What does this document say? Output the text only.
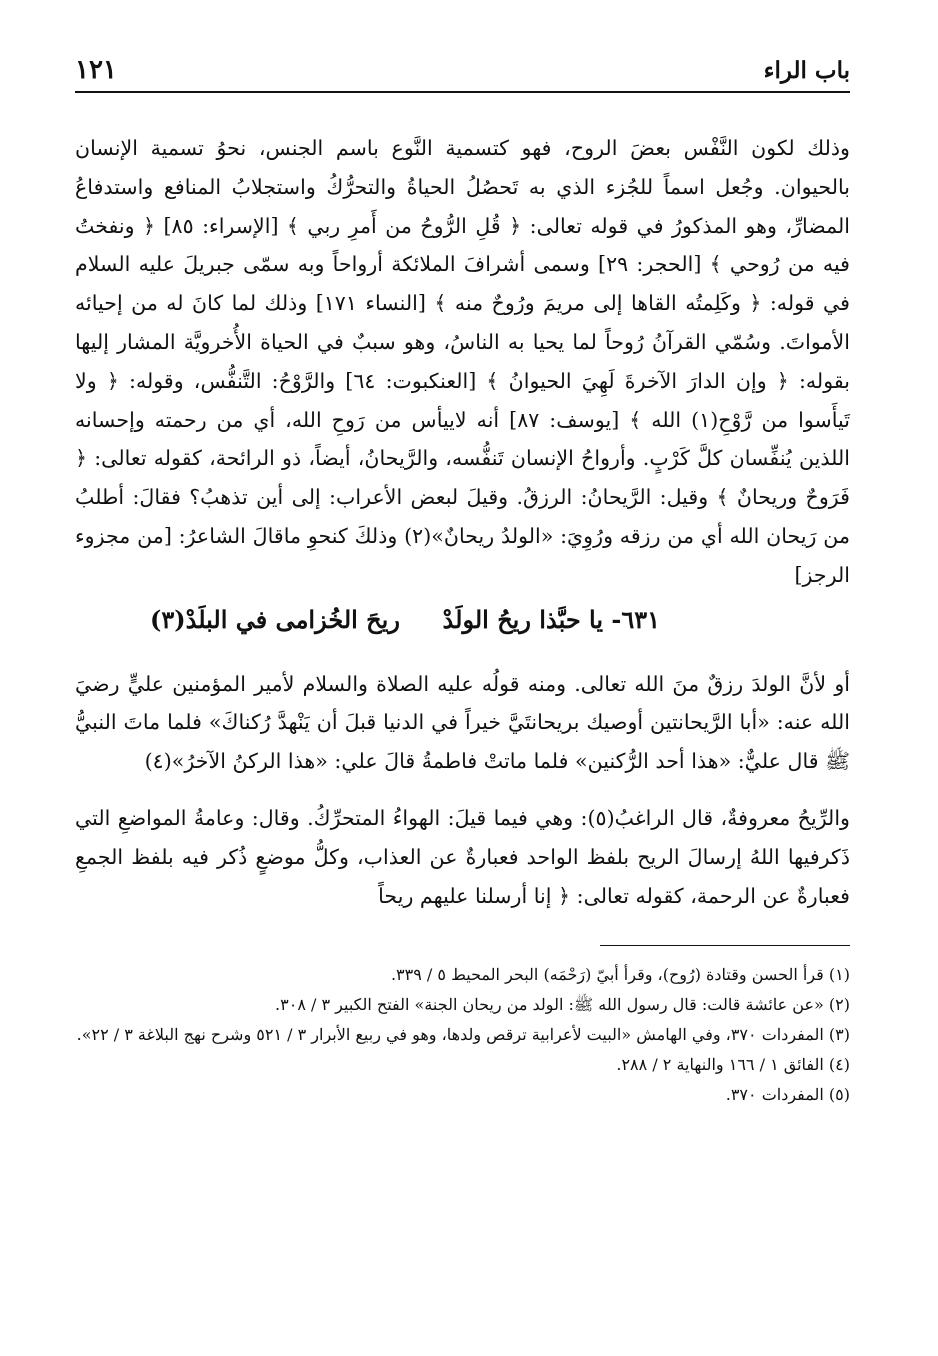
باب الراء
١٢١

وذلك لكون النَّفْس بعضَ الروح، فهو كتسمية النَّوع باسم الجنس، نحوُ تسمية الإنسان بالحيوان. وجُعل اسماً للجُزء الذي به تَحصُلُ الحياةُ والتحرُّكُ واستجلابُ المنافع واستدفاعُ المضارِّ، وهو المذكورُ في قوله تعالى: ﴿ قُلِ الرُّوحُ من أَمرِ ربي ﴾ [الإسراء: ٨٥] ﴿ ونفختُ فيه من رُوحي ﴾ [الحجر: ٢٩] وسمى أشرافَ الملائكة أرواحاً وبه سمّى جبريلَ عليه السلام في قوله: ﴿ وكَلِمتُه القاها إلى مريمَ ورُوحٌ منه ﴾ [النساء ١٧١] وذلك لما كانَ له من إحيائه الأمواتَ. وسُمّي القرآنُ رُوحاً لما يحيا به الناسُ، وهو سببٌ في الحياة الأُخرويَّة المشار إليها بقوله: ﴿ وإن الدارَ الآخرةَ لَهِيَ الحيوانُ ﴾ [العنكبوت: ٦٤] والرَّوْحُ: التَّنفُّس، وقوله: ﴿ ولا تَيأَسوا من رَّوْحِ(١) الله ﴾ [يوسف: ٨٧] أنه لاييأس من رَوحِ الله، أي من رحمته وإحسانه اللذين يُنفِّسان كلَّ كَرْبٍ. وأرواحُ الإنسان تَنفُّسه، والرَّيحانُ، أيضاً، ذو الرائحة، كقوله تعالى: ﴿ فَرَوحٌ وريحانٌ ﴾ وقيل: الرَّيحانُ: الرزقُ. وقيلَ لبعض الأعراب: إلى أين تذهبُ؟ فقالَ: أطلبُ من رَيحان الله أي من رزقه ورُوِيَ: «الولدُ ريحانٌ»(٢) وذلكَ كنحوِ ماقالَ الشاعرُ: [من مجزوء الرجز]

٦٣١- يا حبَّذا ريحُ الولَدْ
ريحَ الخُزامى في البلَدْ(٣)

أو لأنَّ الولدَ رزقٌ منَ الله تعالى. ومنه قولُه عليه الصلاة والسلام لأمير المؤمنين عليٍّ رضيَ الله عنه: «أبا الرَّيحانتين أوصيك بريحانتَيَّ خيراً في الدنيا قبلَ أن يَنْهدَّ رُكناكَ» فلما ماتَ النبيُّ ﷺ قال عليٌّ: «هذا أحد الرُّكنين» فلما ماتتْ فاطمةُ قالَ علي: «هذا الركنُ الآخرُ»(٤)

والرِّيحُ معروفةٌ، قال الراغبُ(٥): وهي فيما قيلَ: الهواءُ المتحرِّكُ. وقال: وعامةُ المواضعِ التي ذَكرفيها اللهُ إرسالَ الريح بلفظ الواحد فعبارةٌ عن العذاب، وكلُّ موضعٍ ذُكر فيه بلفظ الجمعِ فعبارةٌ عن الرحمة، كقوله تعالى: ﴿ إنا أرسلنا عليهم ريحاً

(١) قرأ الحسن وقتادة (رُوح)، وقرأ أبيّ (رَحْمَه) البحر المحيط ٥ / ٣٣٩.

(٢) «عن عائشة قالت: قال رسول الله ﷺ: الولد من ريحان الجنة» الفتح الكبير ٣ / ٣٠٨.

(٣) المفردات ٣٧٠، وفي الهامش «البيت لأعرابية ترقص ولدها، وهو في ربيع الأبرار ٣ / ٥٢١ وشرح نهج البلاغة ٣ / ٢٢».

(٤) الفائق ١ / ١٦٦ والنهاية ٢ / ٢٨٨.

(٥) المفردات ٣٧٠.
